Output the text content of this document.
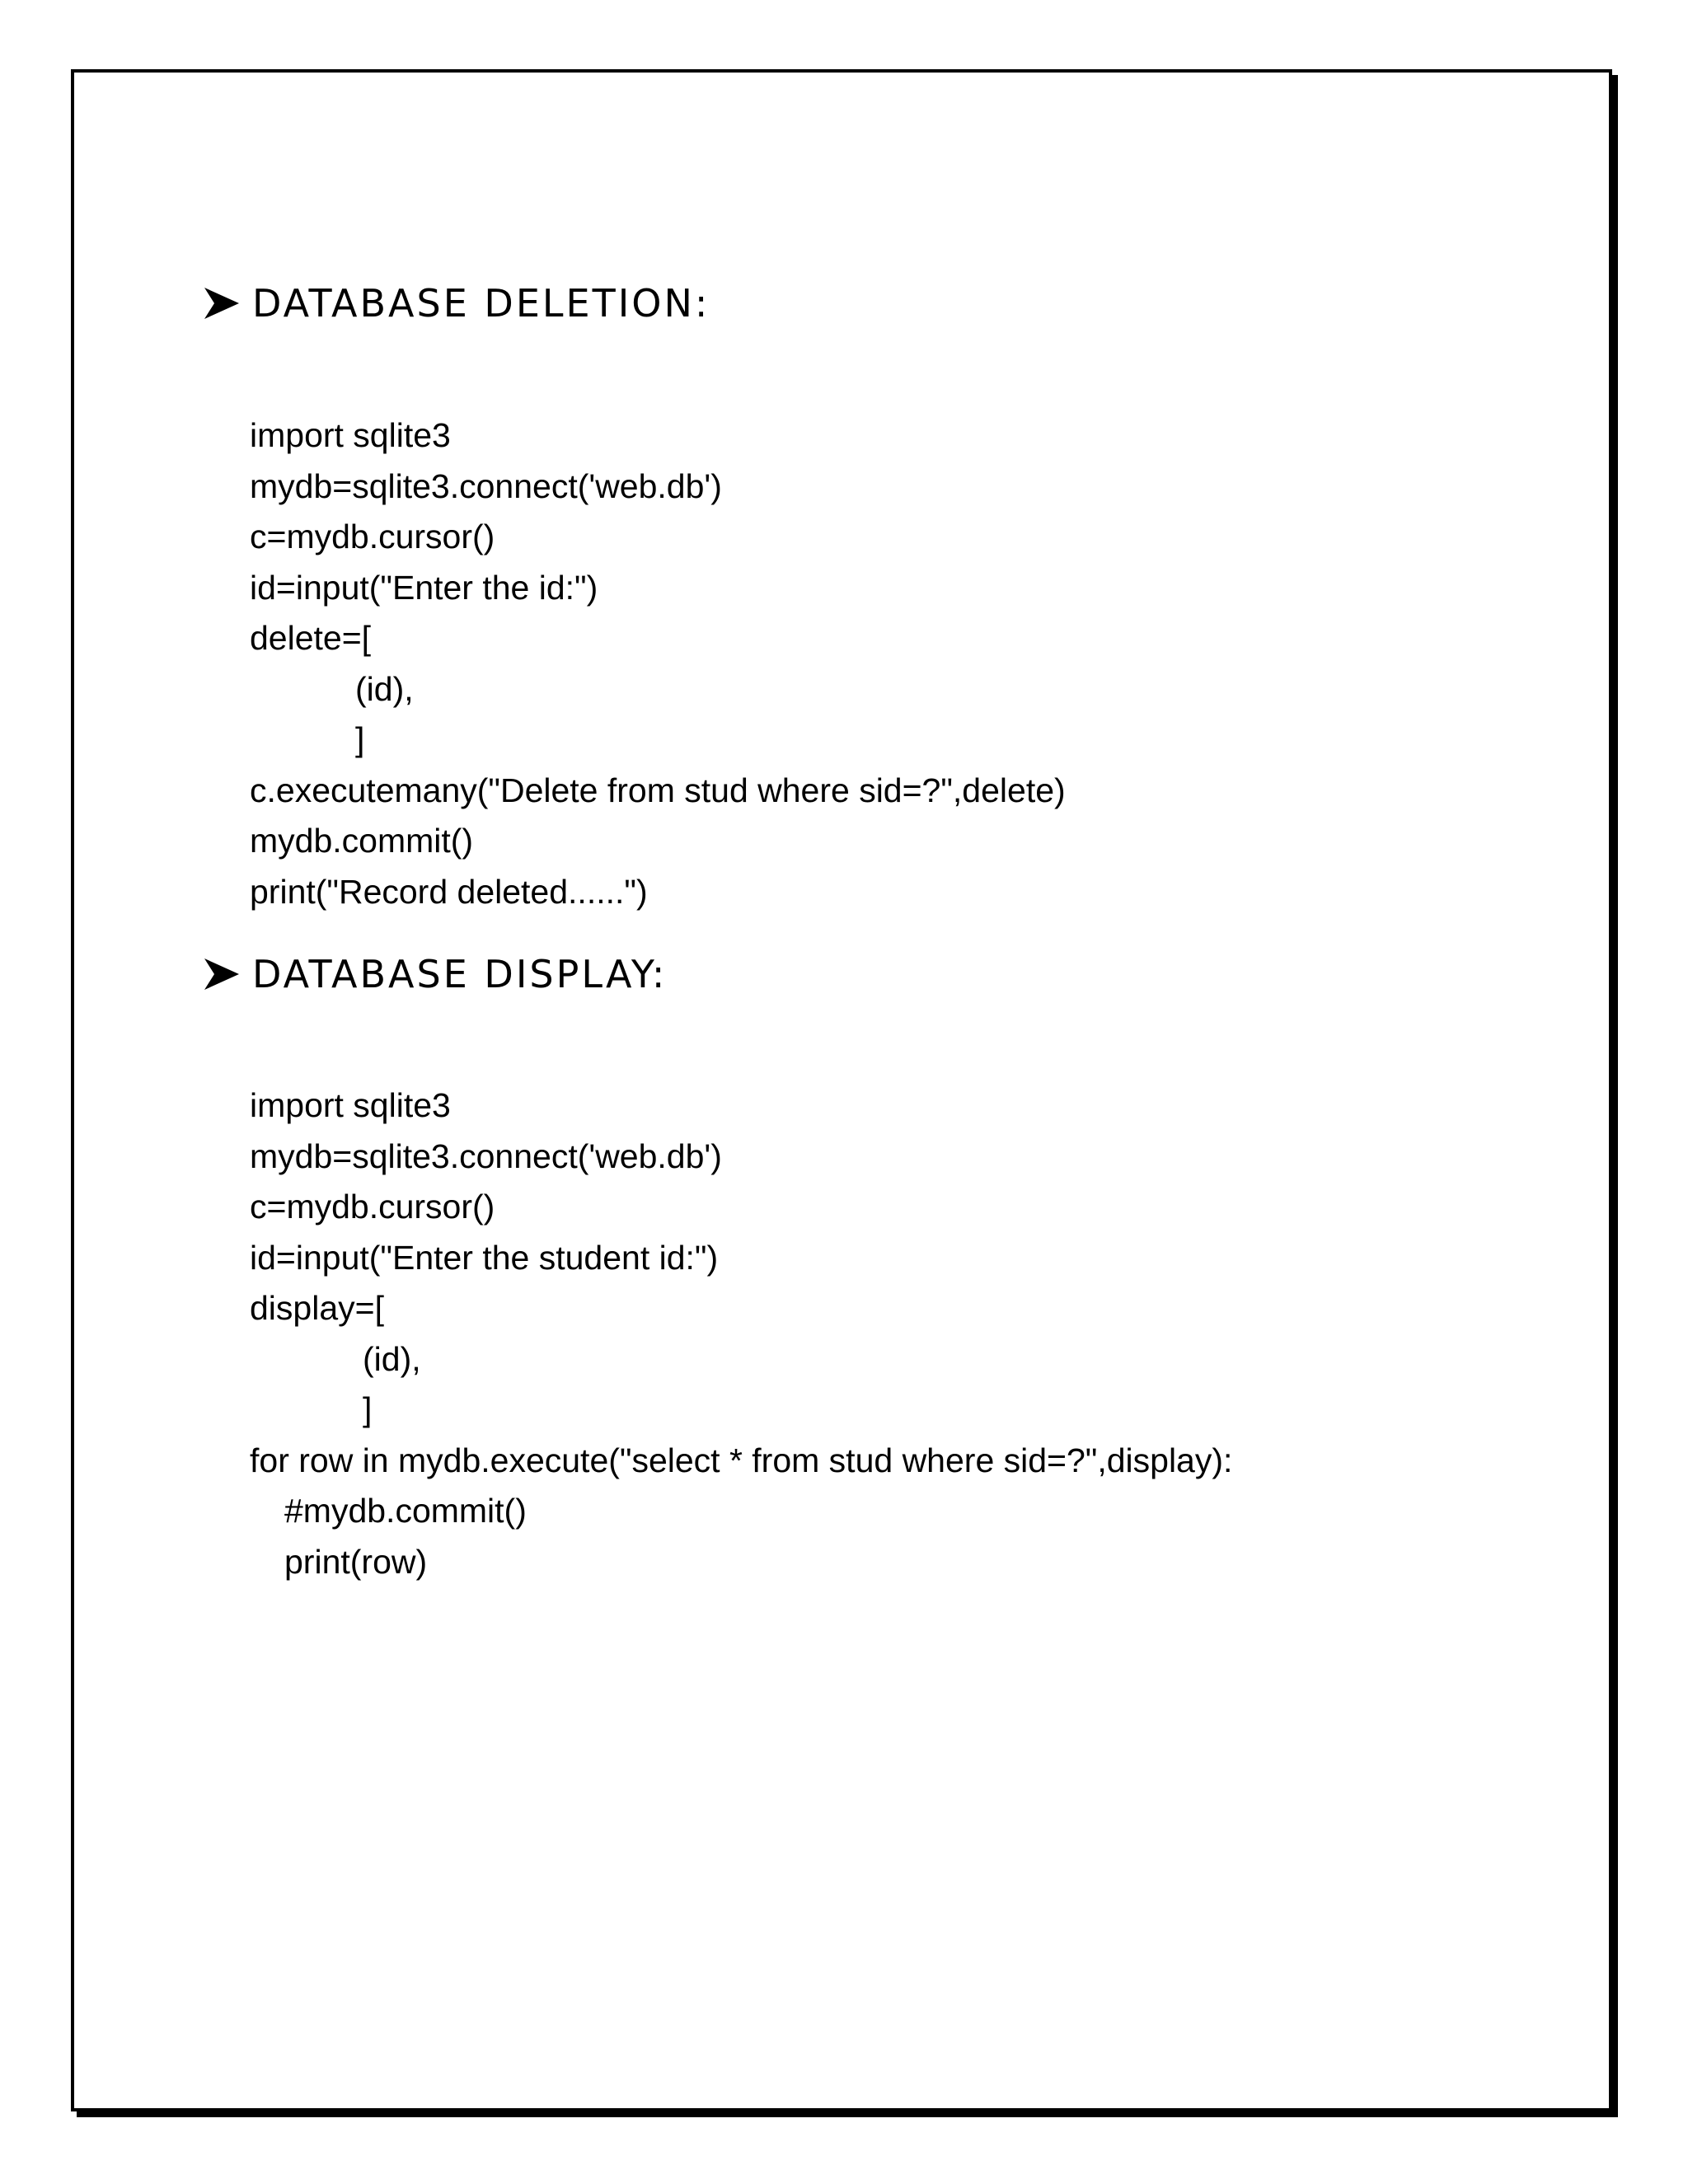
DATABASE DELETION:
import sqlite3
mydb=sqlite3.connect('web.db')
c=mydb.cursor()
id=input("Enter the id:")
delete=[
(id),
]
c.executemany("Delete from stud where sid=?",delete)
mydb.commit()
print("Record deleted......")
DATABASE DISPLAY:
import sqlite3
mydb=sqlite3.connect('web.db')
c=mydb.cursor()
id=input("Enter the student id:")
display=[
(id),
]
for row in mydb.execute("select * from stud where sid=?",display):
#mydb.commit()
print(row)
